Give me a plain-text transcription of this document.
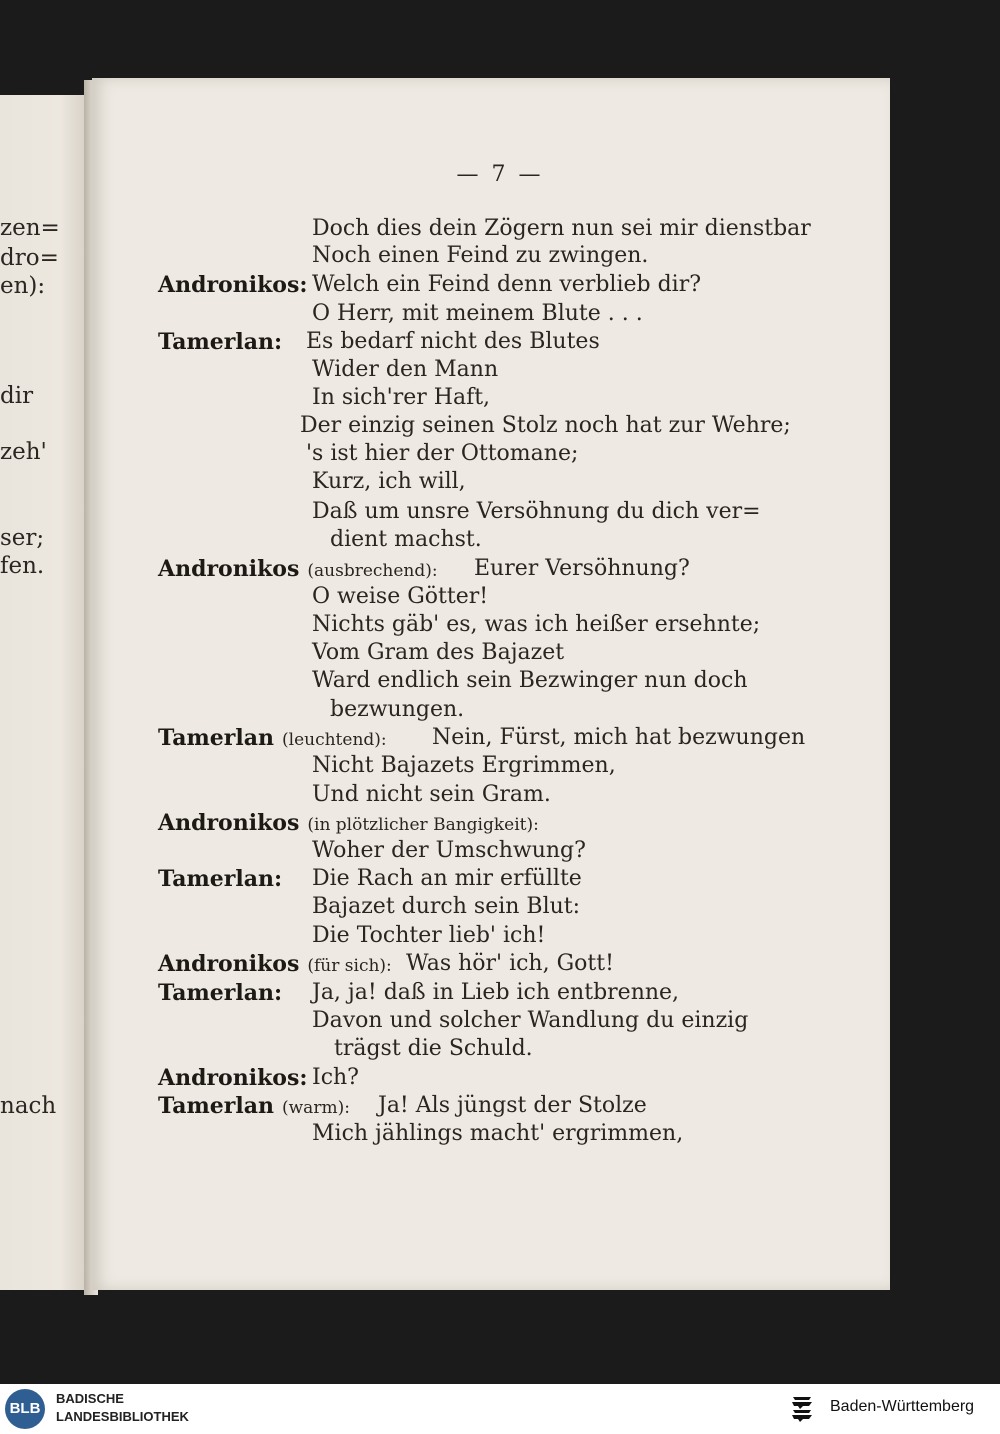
zen=
dro=
en):
dir
zeh'
ser;
fen.
nach
— 7 —
Doch dies dein Zögern nun sei mir dienstbar
Noch einen Feind zu zwingen.
Andronikos: Welch ein Feind denn verblieb dir?
O Herr, mit meinem Blute . . .
Tamerlan: Es bedarf nicht des Blutes
Wider den Mann
In sich'rer Haft,
Der einzig seinen Stolz noch hat zur Wehre;
's ist hier der Ottomane;
Kurz, ich will,
Daß um unsre Versöhnung du dich ver=
dient machst.
Andronikos (ausbrechend): Eurer Versöhnung?
O weise Götter!
Nichts gäb' es, was ich heißer ersehnte;
Vom Gram des Bajazet
Ward endlich sein Bezwinger nun doch
bezwungen.
Tamerlan (leuchtend): Nein, Fürst, mich hat bezwungen
Nicht Bajazets Ergrimmen,
Und nicht sein Gram.
Andronikos (in plötzlicher Bangigkeit):
Woher der Umschwung?
Tamerlan: Die Rach an mir erfüllte
Bajazet durch sein Blut:
Die Tochter lieb' ich!
Andronikos (für sich): Was hör' ich, Gott!
Tamerlan: Ja, ja! daß in Lieb ich entbrenne,
Davon und solcher Wandlung du einzig
trägst die Schuld.
Andronikos: Ich?
Tamerlan (warm): Ja! Als jüngst der Stolze
Mich jählings macht' ergrimmen,
BLB
BADISCHE
LANDESBIBLIOTHEK
Baden-Württemberg
